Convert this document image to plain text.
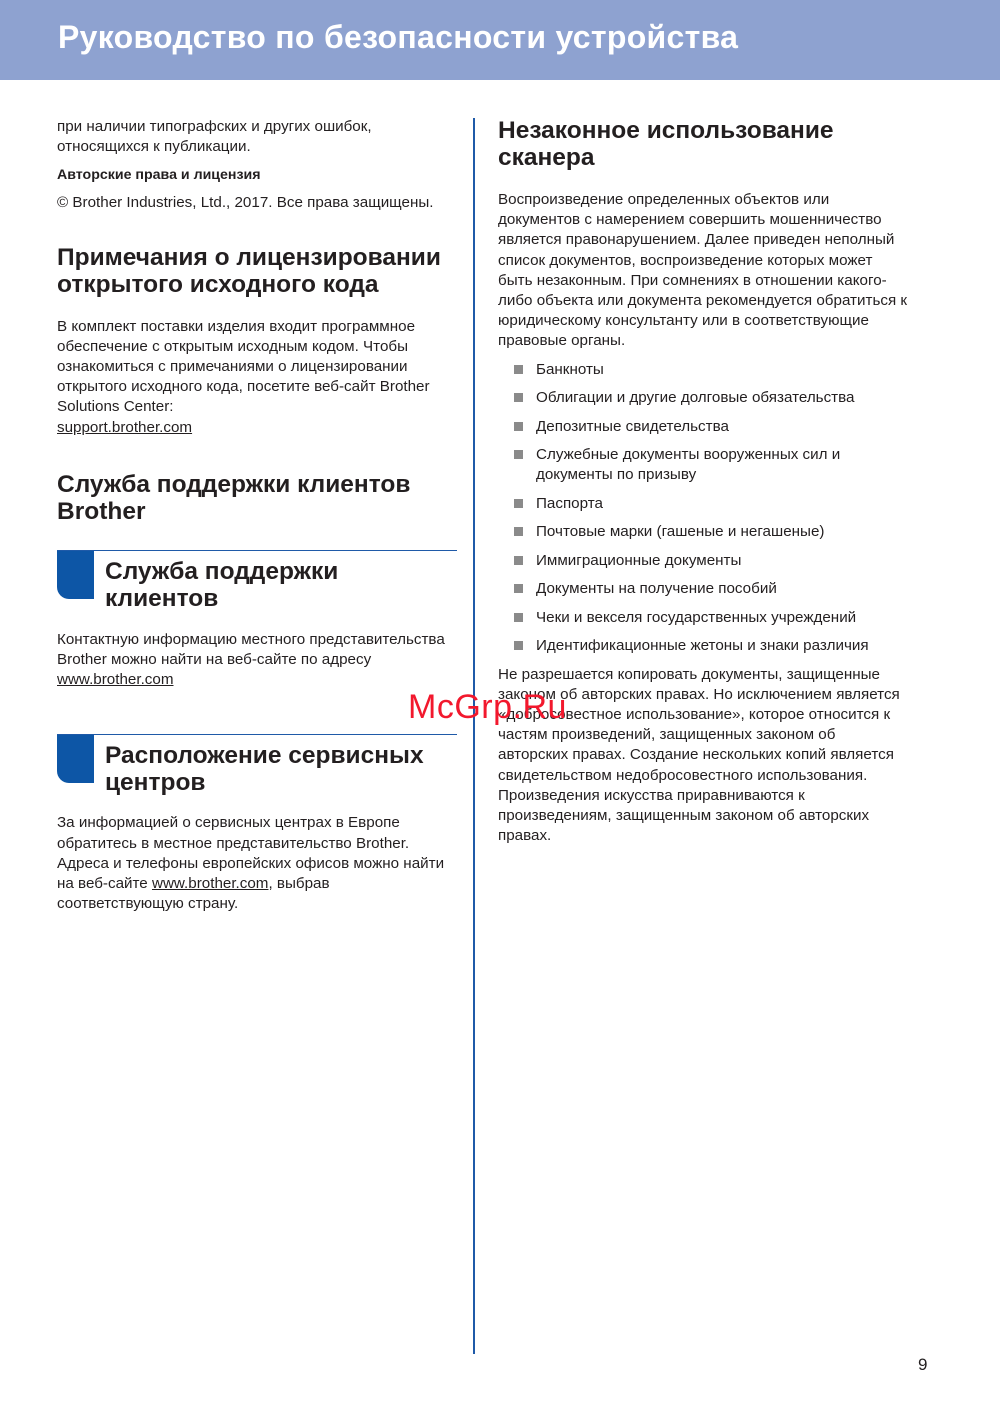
Руководство по безопасности устройства

при наличии типографских и других ошибок, относящихся к публикации.

Авторские права и лицензия

© Brother Industries, Ltd., 2017. Все права защищены.

Примечания о лицензировании открытого исходного кода

В комплект поставки изделия входит программное обеспечение с открытым исходным кодом. Чтобы ознакомиться с примечаниями о лицензировании открытого исходного кода, посетите веб-сайт Brother Solutions Center:
support.brother.com

Служба поддержки клиентов Brother
Служба поддержки клиентов

Контактную информацию местного представительства Brother можно найти на веб-сайте по адресу www.brother.com

Расположение сервисных центров

За информацией о сервисных центрах в Европе обратитесь в местное представительство Brother. Адреса и телефоны европейских офисов можно найти на веб-сайте www.brother.com, выбрав соответствующую страну.

Незаконное использование сканера

Воспроизведение определенных объектов или документов с намерением совершить мошенничество является правонарушением. Далее приведен неполный список документов, воспроизведение которых может быть незаконным. При сомнениях в отношении какого-либо объекта или документа рекомендуется обратиться к юридическому консультанту или в соответствующие правовые органы.

Банкноты
Облигации и другие долговые обязательства
Депозитные свидетельства
Служебные документы вооруженных сил и документы по призыву
Паспорта
Почтовые марки (гашеные и негашеные)
Иммиграционные документы
Документы на получение пособий
Чеки и векселя государственных учреждений
Идентификационные жетоны и знаки различия

Не разрешается копировать документы, защищенные законом об авторских правах. Но исключением является «добросовестное использование», которое относится к частям произведений, защищенных законом об авторских правах. Создание нескольких копий является свидетельством недобросовестного использования. Произведения искусства приравниваются к произведениям, защищенным законом об авторских правах.

McGrp.Ru
9
